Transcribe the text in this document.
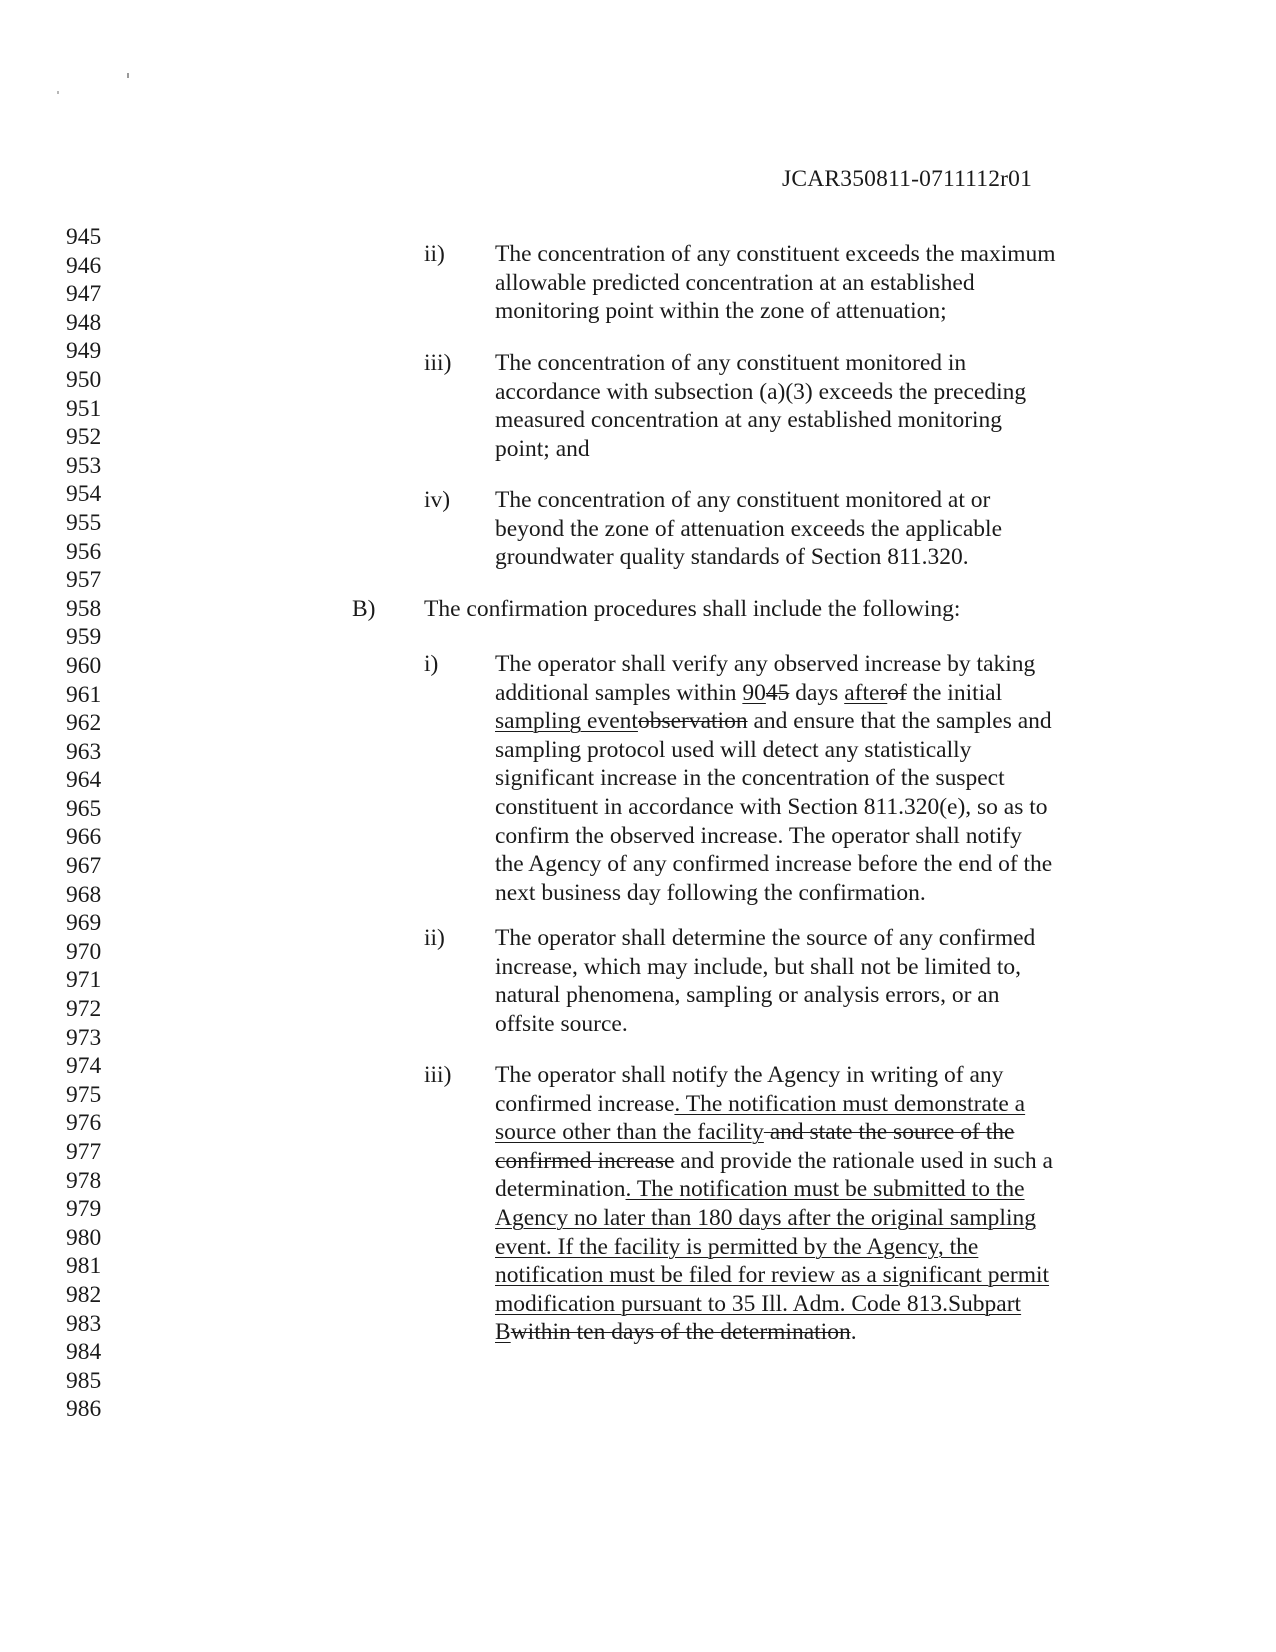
JCAR350811-0711112r01
945
946
947
948
949
950
951
952
953
954
955
956
957
958
959
960
961
962
963
964
965
966
967
968
969
970
971
972
973
974
975
976
977
978
979
980
981
982
983
984
985
986
ii) The concentration of any constituent exceeds the maximum
allowable predicted concentration at an established
monitoring point within the zone of attenuation;
iii) The concentration of any constituent monitored in
accordance with subsection (a)(3) exceeds the preceding
measured concentration at any established monitoring
point; and
iv) The concentration of any constituent monitored at or
beyond the zone of attenuation exceeds the applicable
groundwater quality standards of Section 811.320.
B) The confirmation procedures shall include the following:
i) The operator shall verify any observed increase by taking
additional samples within 9045 days afterof the initial
sampling eventobservation and ensure that the samples and
sampling protocol used will detect any statistically
significant increase in the concentration of the suspect
constituent in accordance with Section 811.320(e), so as to
confirm the observed increase. The operator shall notify
the Agency of any confirmed increase before the end of the
next business day following the confirmation.
ii) The operator shall determine the source of any confirmed
increase, which may include, but shall not be limited to,
natural phenomena, sampling or analysis errors, or an
offsite source.
iii) The operator shall notify the Agency in writing of any
confirmed increase. The notification must demonstrate a
source other than the facility and state the source of the
confirmed increase and provide the rationale used in such a
determination. The notification must be submitted to the
Agency no later than 180 days after the original sampling
event. If the facility is permitted by the Agency, the
notification must be filed for review as a significant permit
modification pursuant to 35 Ill. Adm. Code 813.Subpart
Bwithin ten days of the determination.
